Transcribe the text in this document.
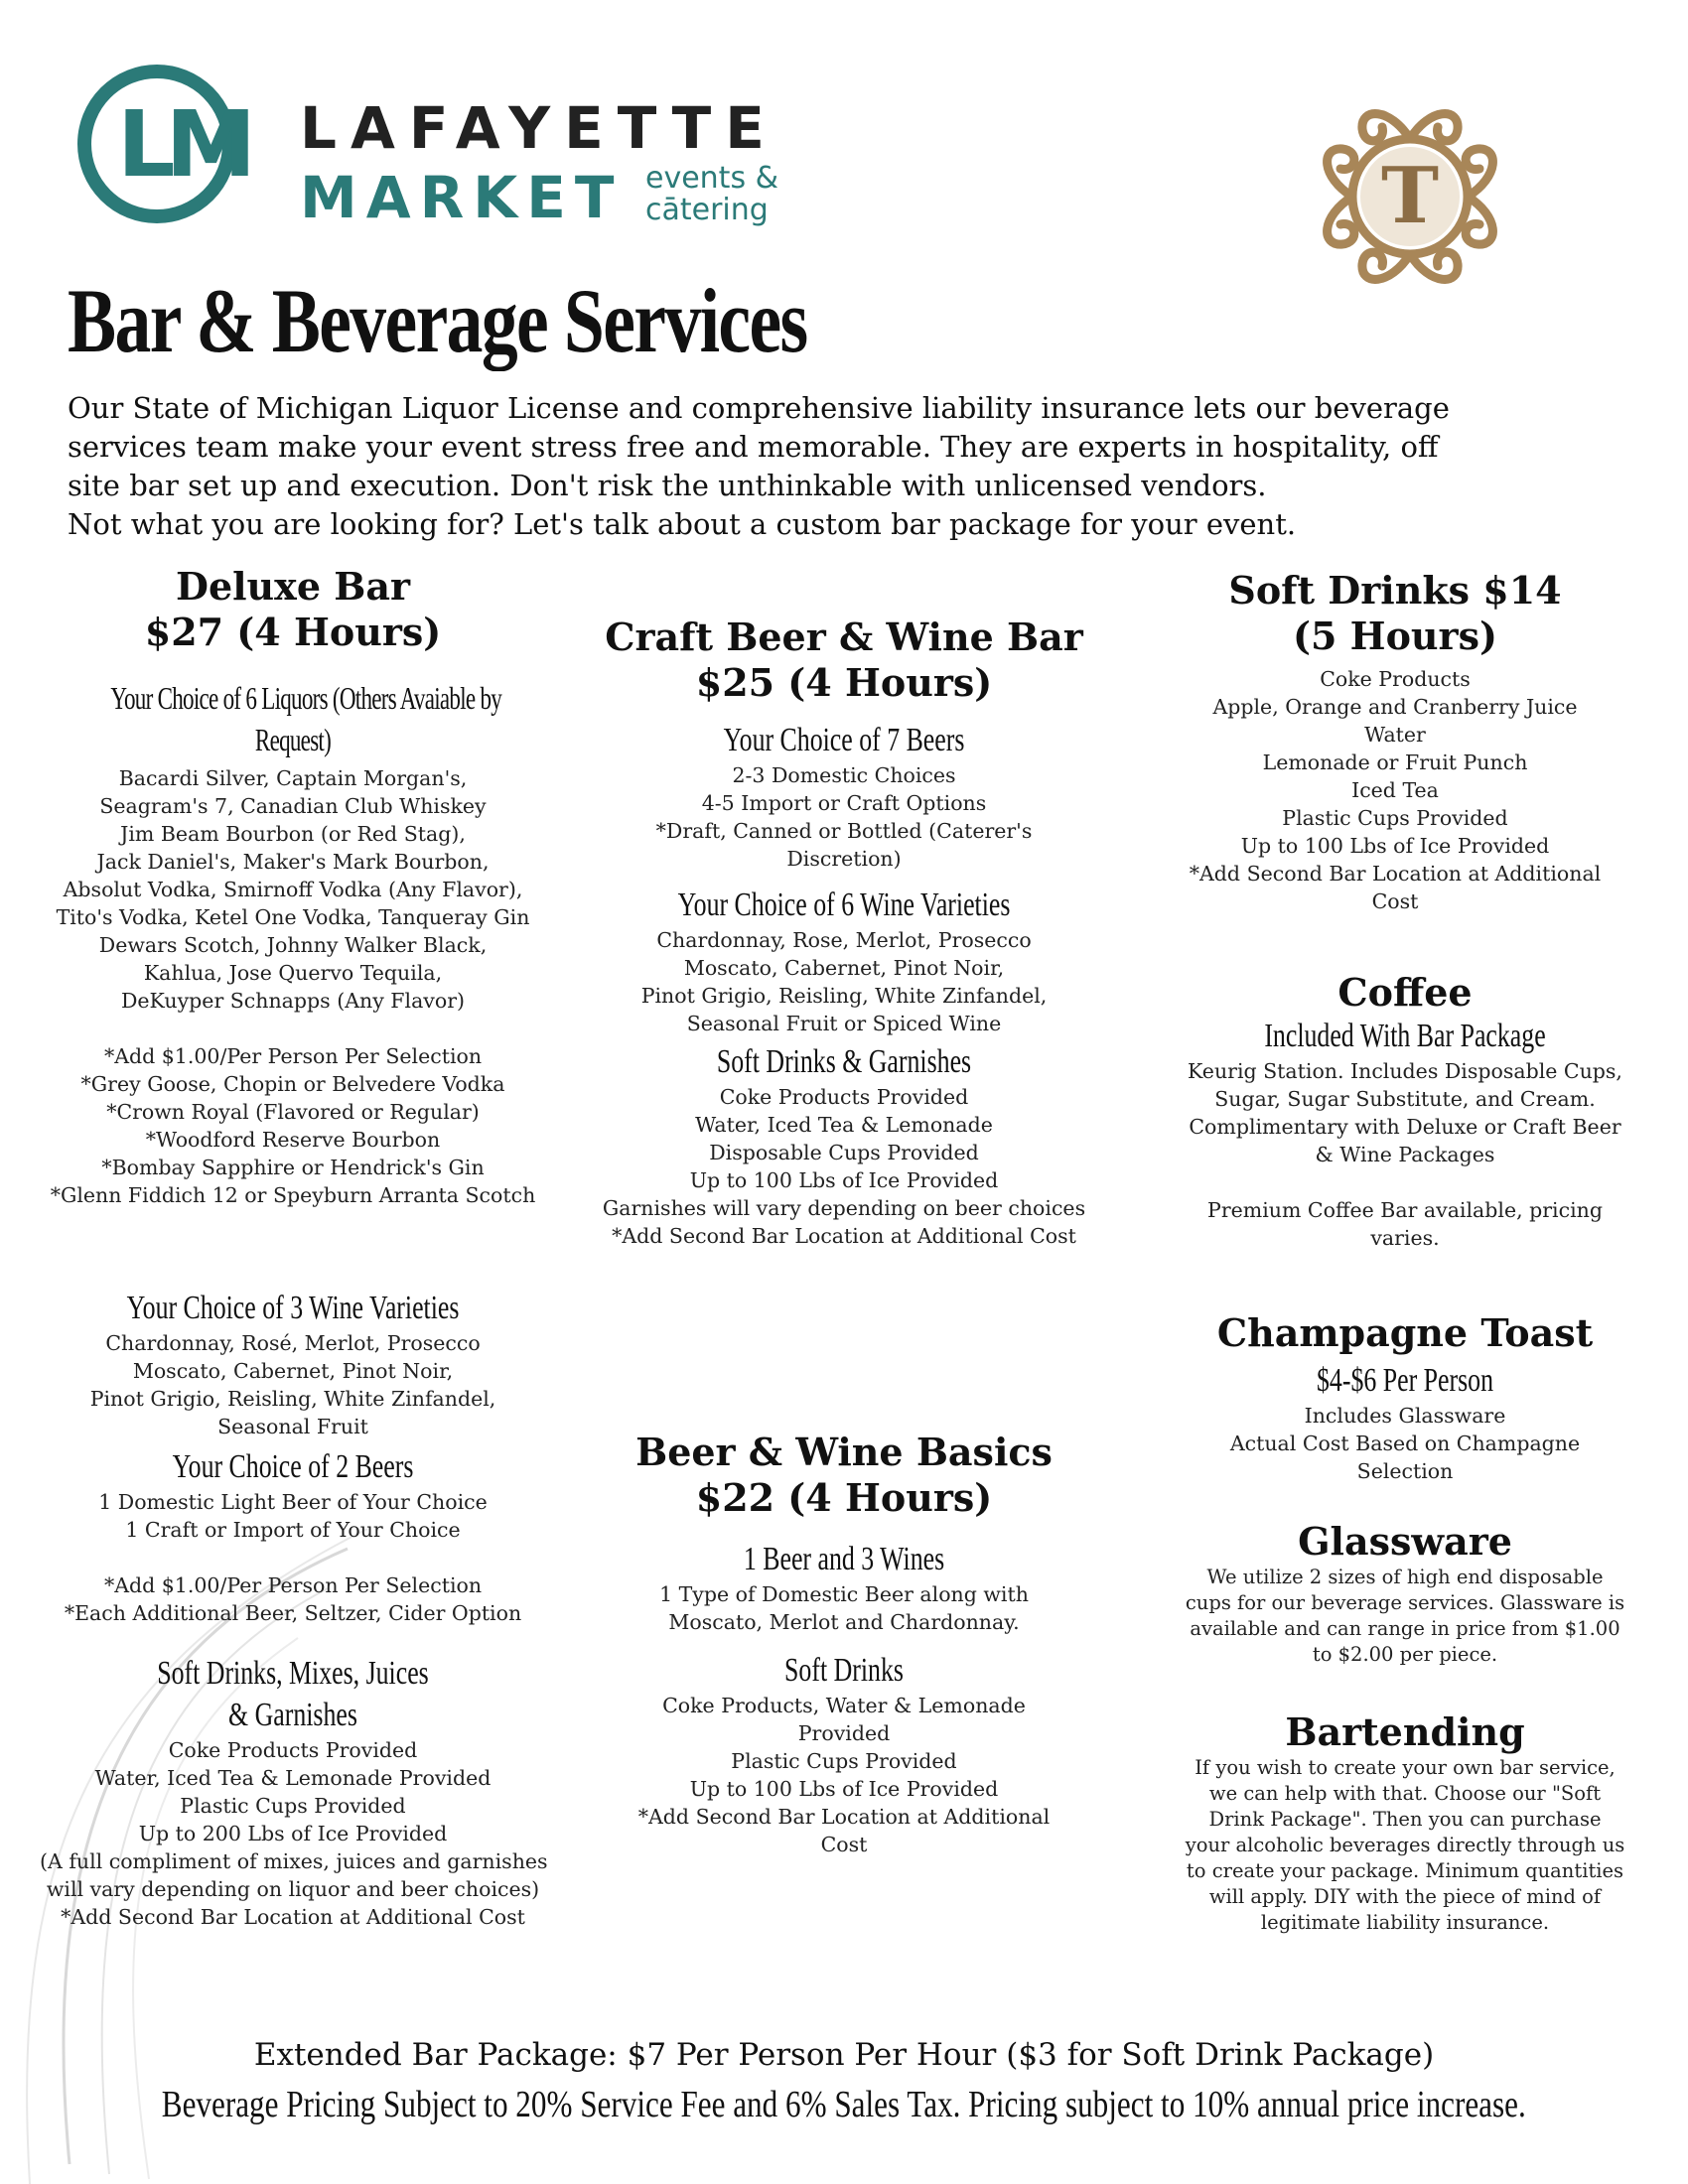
LM LAFAYETTE
MARKET events &
cātering	T
Bar & Beverage Services
Our State of Michigan Liquor License and comprehensive liability insurance lets our beverage
services team make your event stress free and memorable. They are experts in hospitality, off
site bar set up and execution. Don't risk the unthinkable with unlicensed vendors.
Not what you are looking for? Let's talk about a custom bar package for your event.
Deluxe Bar
$27 (4 Hours)
Your Choice of 6 Liquors (Others Avaiable by
Request)
Bacardi Silver, Captain Morgan's,
Seagram's 7, Canadian Club Whiskey
Jim Beam Bourbon (or Red Stag),
Jack Daniel's, Maker's Mark Bourbon,
Absolut Vodka, Smirnoff Vodka (Any Flavor),
Tito's Vodka, Ketel One Vodka, Tanqueray Gin
Dewars Scotch, Johnny Walker Black,
Kahlua, Jose Quervo Tequila,
DeKuyper Schnapps (Any Flavor)
*Add $1.00/Per Person Per Selection
*Grey Goose, Chopin or Belvedere Vodka
*Crown Royal (Flavored or Regular)
*Woodford Reserve Bourbon
*Bombay Sapphire or Hendrick's Gin
*Glenn Fiddich 12 or Speyburn Arranta Scotch
Your Choice of 3 Wine Varieties
Chardonnay, Rosé, Merlot, Prosecco
Moscato, Cabernet, Pinot Noir,
Pinot Grigio, Reisling, White Zinfandel,
Seasonal Fruit
Your Choice of 2 Beers
1 Domestic Light Beer of Your Choice
1 Craft or Import of Your Choice
*Add $1.00/Per Person Per Selection
*Each Additional Beer, Seltzer, Cider Option
Soft Drinks, Mixes, Juices
& Garnishes
Coke Products Provided
Water, Iced Tea & Lemonade Provided
Plastic Cups Provided
Up to 200 Lbs of Ice Provided
(A full compliment of mixes, juices and garnishes
will vary depending on liquor and beer choices)
*Add Second Bar Location at Additional Cost
Craft Beer & Wine Bar
$25 (4 Hours)
Your Choice of 7 Beers
2-3 Domestic Choices
4-5 Import or Craft Options
*Draft, Canned or Bottled (Caterer's
Discretion)
Your Choice of 6 Wine Varieties
Chardonnay, Rose, Merlot, Prosecco
Moscato, Cabernet, Pinot Noir,
Pinot Grigio, Reisling, White Zinfandel,
Seasonal Fruit or Spiced Wine
Soft Drinks & Garnishes
Coke Products Provided
Water, Iced Tea & Lemonade
Disposable Cups Provided
Up to 100 Lbs of Ice Provided
Garnishes will vary depending on beer choices
*Add Second Bar Location at Additional Cost
Beer & Wine Basics
$22 (4 Hours)
1 Beer and 3 Wines
1 Type of Domestic Beer along with
Moscato, Merlot and Chardonnay.
Soft Drinks
Coke Products, Water & Lemonade
Provided
Plastic Cups Provided
Up to 100 Lbs of Ice Provided
*Add Second Bar Location at Additional
Cost
Soft Drinks $14
(5 Hours)
Coke Products
Apple, Orange and Cranberry Juice
Water
Lemonade or Fruit Punch
Iced Tea
Plastic Cups Provided
Up to 100 Lbs of Ice Provided
*Add Second Bar Location at Additional
Cost
Coffee
Included With Bar Package
Keurig Station. Includes Disposable Cups,
Sugar, Sugar Substitute, and Cream.
Complimentary with Deluxe or Craft Beer
& Wine Packages
Premium Coffee Bar available, pricing
varies.
Champagne Toast
$4-$6 Per Person
Includes Glassware
Actual Cost Based on Champagne
Selection
Glassware
We utilize 2 sizes of high end disposable
cups for our beverage services. Glassware is
available and can range in price from $1.00
to $2.00 per piece.
Bartending
If you wish to create your own bar service,
we can help with that. Choose our "Soft
Drink Package". Then you can purchase
your alcoholic beverages directly through us
to create your package. Minimum quantities
will apply. DIY with the piece of mind of
legitimate liability insurance.
Extended Bar Package: $7 Per Person Per Hour ($3 for Soft Drink Package)
Beverage Pricing Subject to 20% Service Fee and 6% Sales Tax. Pricing subject to 10% annual price increase.
